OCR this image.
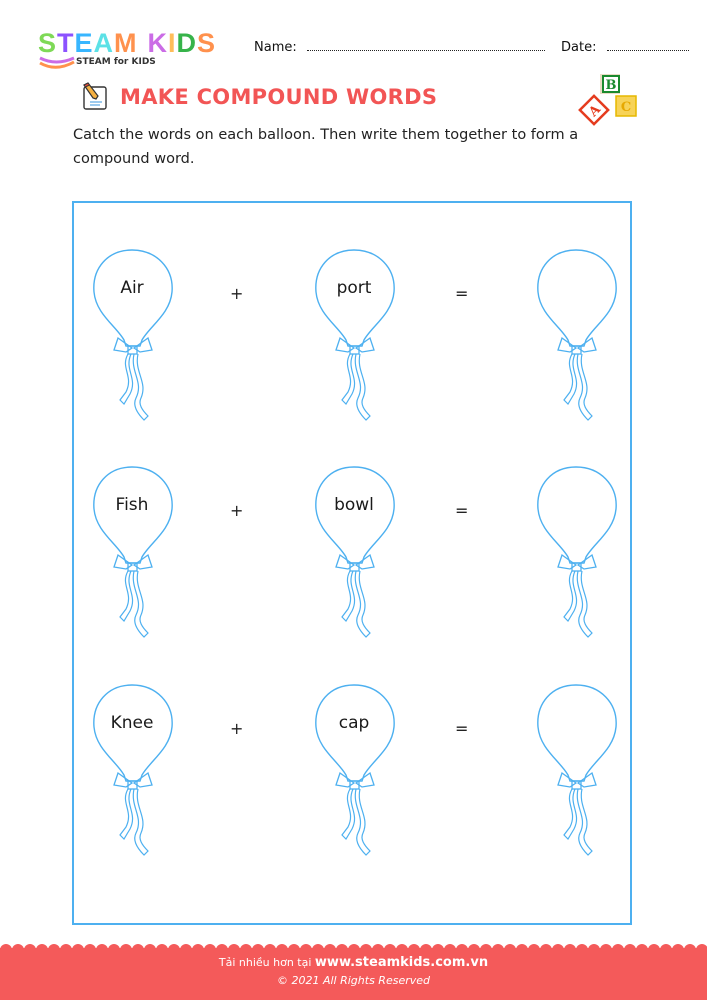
STEAM KIDS
STEAM for KIDS
Name:	Date:
MAKE COMPOUND WORDS	B
A C
Catch the words on each balloon. Then write them together to form a compound word.
Air	+	port	=
Fish	+	bowl	=
Knee	+	cap	=
Tải nhiều hơn tại www.steamkids.com.vn
© 2021 All Rights Reserved
